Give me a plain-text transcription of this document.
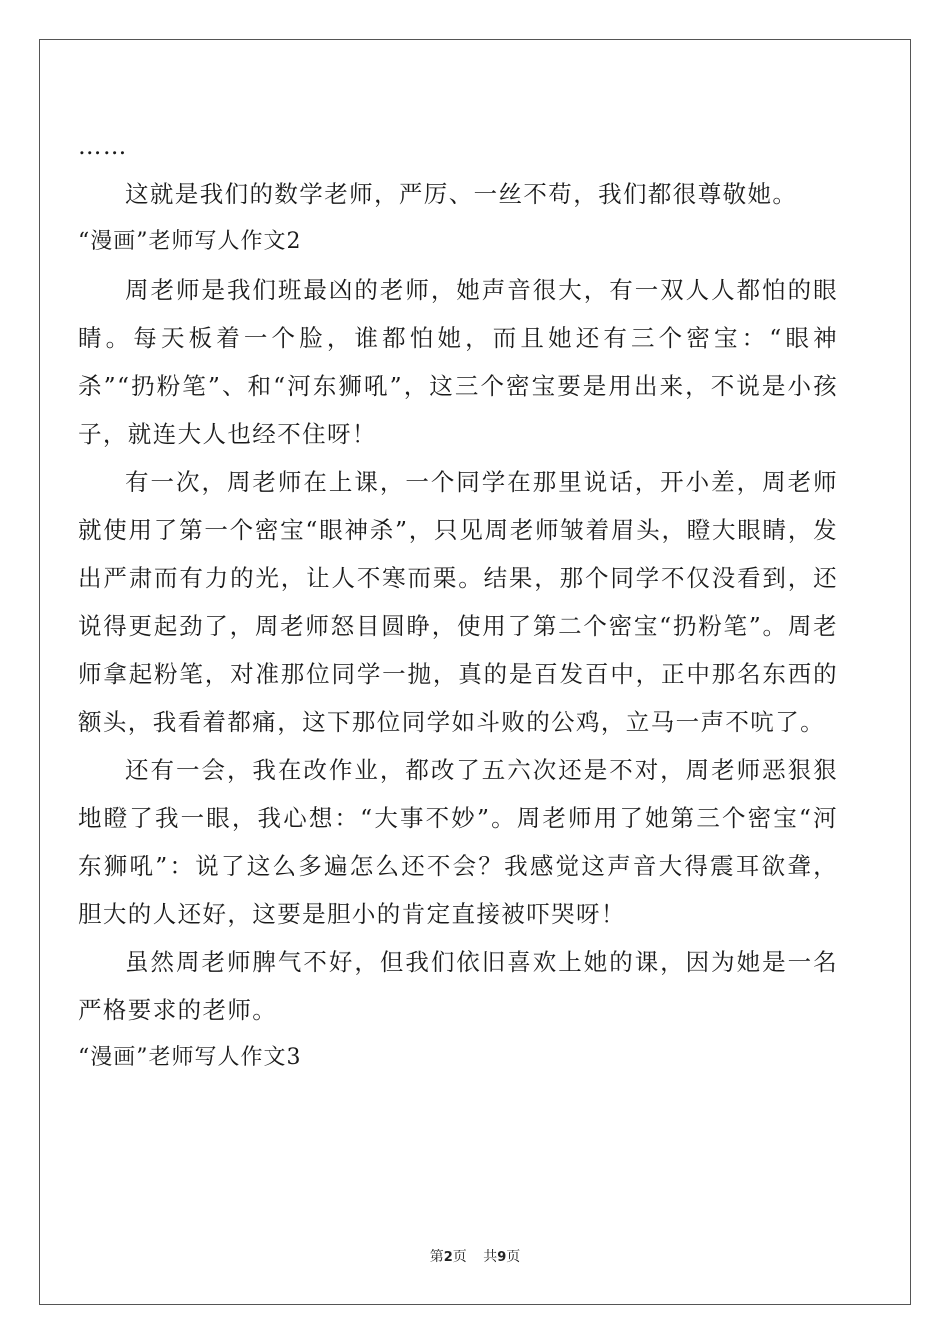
……

这就是我们的数学老师，严厉、一丝不苟，我们都很尊敬她。

“漫画”老师写人作文2

周老师是我们班最凶的老师，她声音很大，有一双人人都怕的眼睛。每天板着一个脸，谁都怕她，而且她还有三个密宝：“眼神杀”“扔粉笔”、和“河东狮吼”，这三个密宝要是用出来，不说是小孩子，就连大人也经不住呀！

有一次，周老师在上课，一个同学在那里说话，开小差，周老师就使用了第一个密宝“眼神杀”，只见周老师皱着眉头，瞪大眼睛，发出严肃而有力的光，让人不寒而栗。结果，那个同学不仅没看到，还说得更起劲了，周老师怒目圆睁，使用了第二个密宝“扔粉笔”。周老师拿起粉笔，对准那位同学一抛，真的是百发百中，正中那名东西的额头，我看着都痛，这下那位同学如斗败的公鸡，立马一声不吭了。

还有一会，我在改作业，都改了五六次还是不对，周老师恶狠狠地瞪了我一眼，我心想：“大事不妙”。周老师用了她第三个密宝“河东狮吼”：说了这么多遍怎么还不会？我感觉这声音大得震耳欲聋，胆大的人还好，这要是胆小的肯定直接被吓哭呀！

虽然周老师脾气不好，但我们依旧喜欢上她的课，因为她是一名严格要求的老师。

“漫画”老师写人作文3
第2页 共9页
